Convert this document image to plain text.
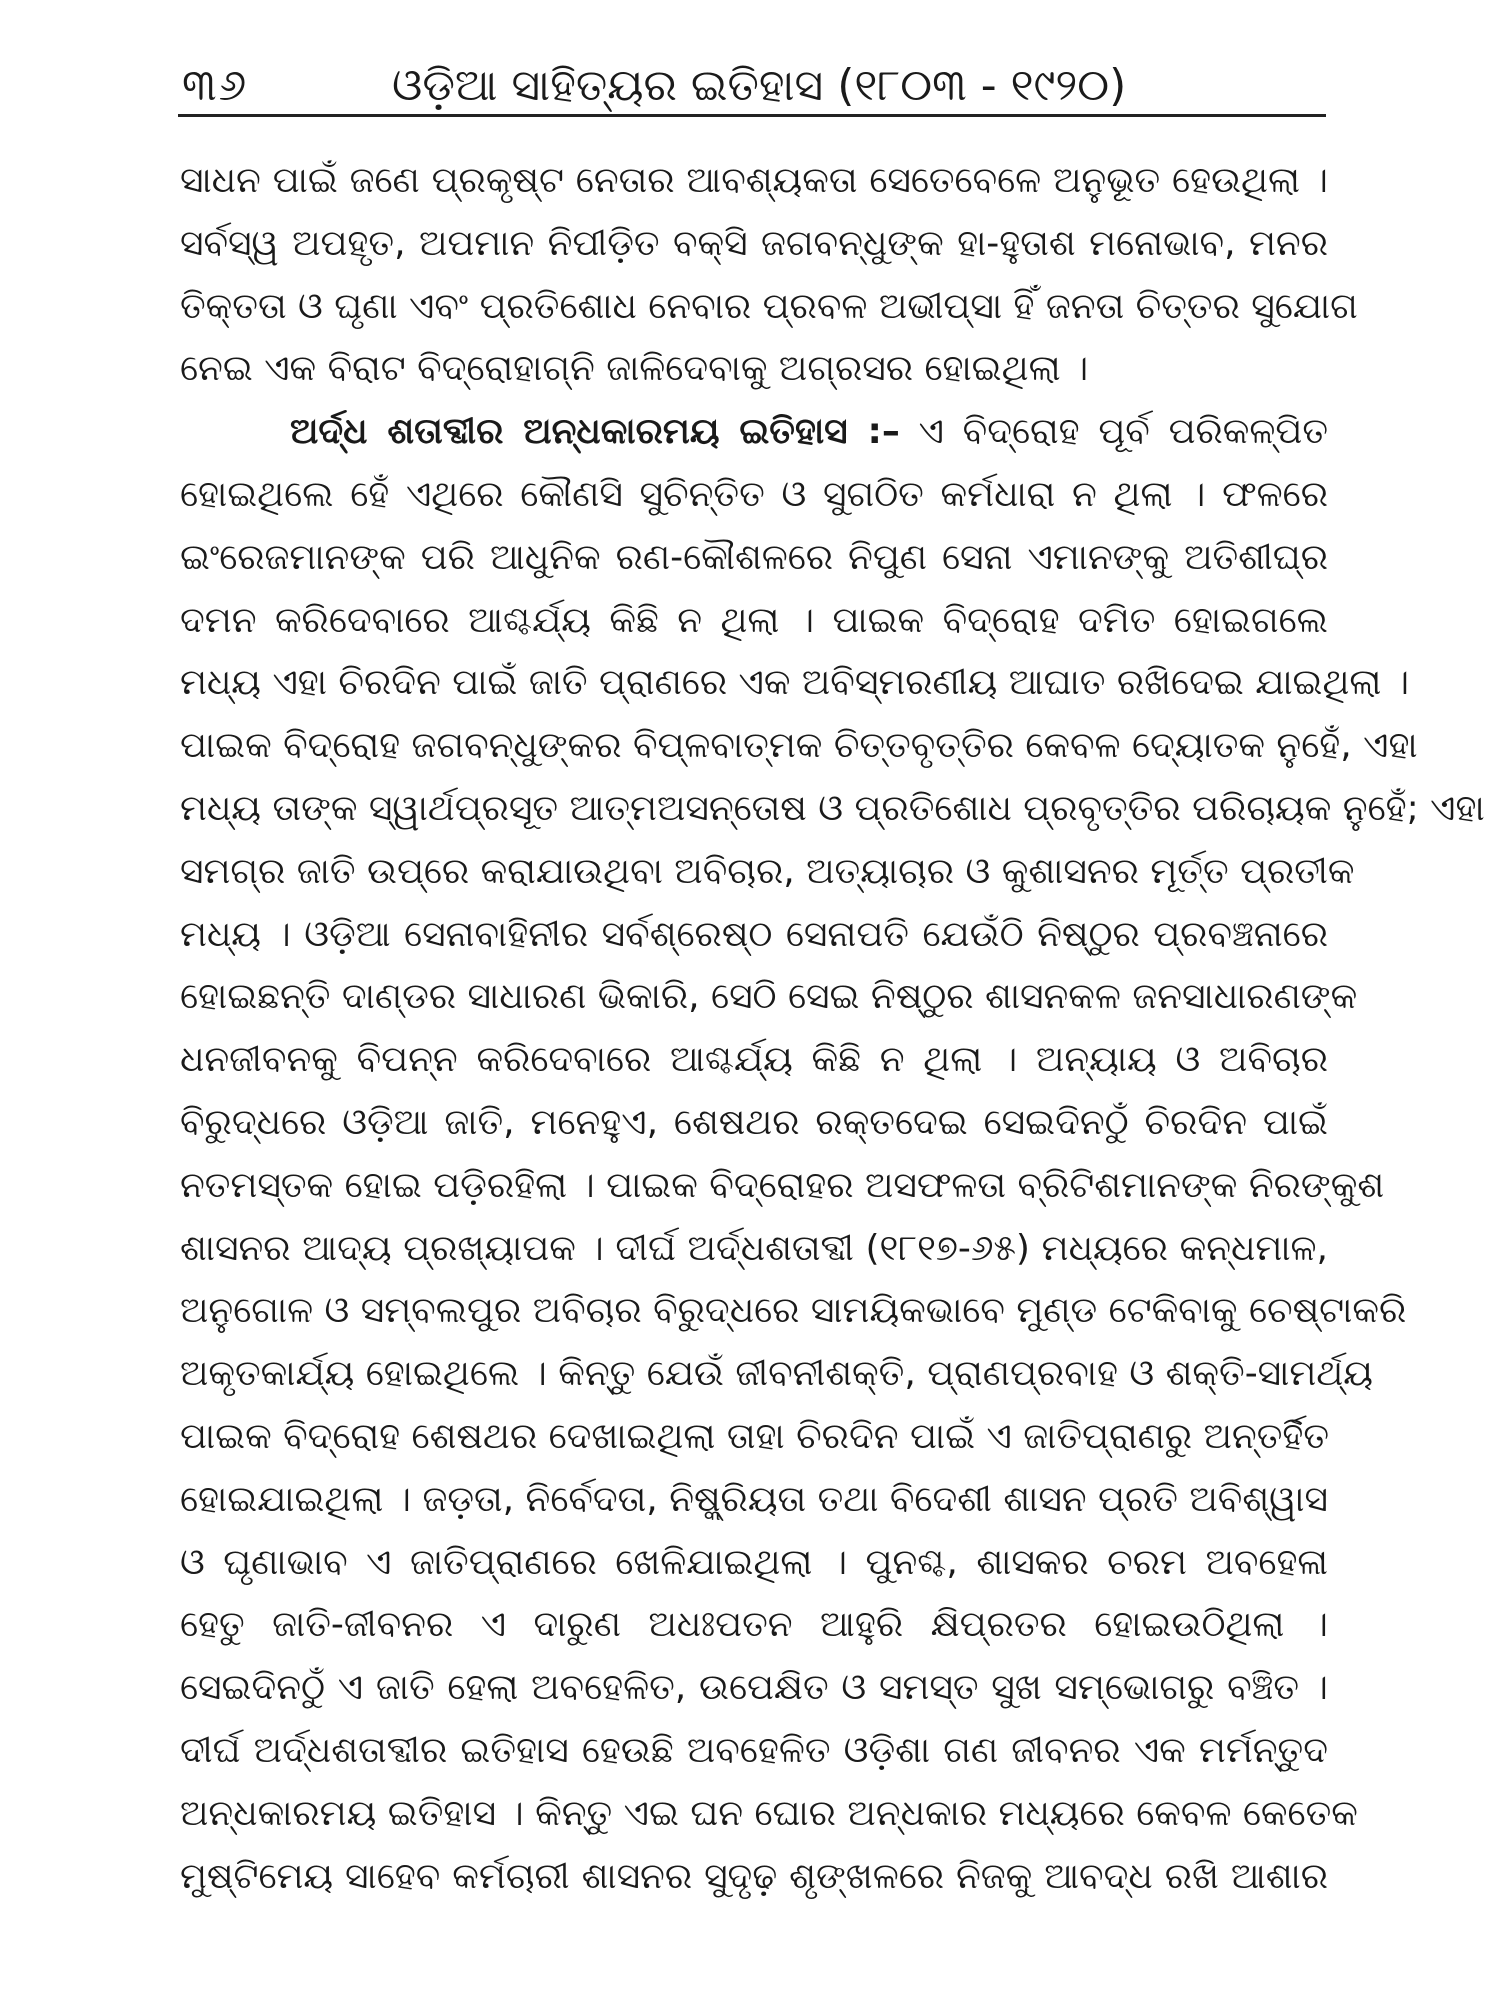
୩୬	ଓଡ଼ିଆ ସାହିତ୍ୟର ଇତିହାସ (୧୮୦୩ - ୧୯୨୦)
ସାଧନ ପାଇଁ ଜଣେ ପ୍ରକୃଷ୍ଟ ନେତାର ଆବଶ୍ୟକତା ସେତେବେଳେ ଅନୁଭୂତ ହେଉଥିଲା ।
ସର୍ବସ୍ୱ ଅପହୃତ, ଅପମାନ ନିପୀଡ଼ିତ ବକ୍‌ସି ଜଗବନ୍ଧୁଙ୍କ ହା-ହୁତାଶ ମନୋଭାବ, ମନର
ତିକ୍ତତା ଓ ଘୃଣା ଏବଂ ପ୍ରତିଶୋଧ ନେବାର ପ୍ରବଳ ଅଭୀପ୍‌ସା ହିଁ ଜନତା ଚିତ୍ତର ସୁଯୋଗ
ନେଇ ଏକ ବିରାଟ ବିଦ୍ରୋହାଗ୍ନି ଜାଳିଦେବାକୁ ଅଗ୍ରସର ହୋଇଥିଲା ।
ଅର୍ଦ୍ଧ ଶତାବ୍ଦୀର ଅନ୍ଧକାରମୟ ଇତିହାସ :– ଏ ବିଦ୍ରୋହ ପୂର୍ବ ପରିକଳ୍ପିତ
ହୋଇଥିଲେ ହେଁ ଏଥିରେ କୌଣସି ସୁଚିନ୍ତିତ ଓ ସୁଗଠିତ କର୍ମଧାରା ନ ଥିଲା । ଫଳରେ
ଇଂରେଜମାନଙ୍କ ପରି ଆଧୁନିକ ରଣ-କୌଶଳରେ ନିପୁଣ ସେନା ଏମାନଙ୍କୁ ଅତିଶୀଘ୍ର
ଦମନ କରିଦେବାରେ ଆଶ୍ଚର୍ଯ୍ୟ କିଛି ନ ଥିଲା । ପାଇକ ବିଦ୍ରୋହ ଦମିତ ହୋଇଗଲେ
ମଧ୍ୟ ଏହା ଚିରଦିନ ପାଇଁ ଜାତି ପ୍ରାଣରେ ଏକ ଅବିସ୍ମରଣୀୟ ଆଘାତ ରଖିଦେଇ ଯାଇଥିଲା ।
ପାଇକ ବିଦ୍ରୋହ ଜଗବନ୍ଧୁଙ୍କର ବିପ୍ଳବାତ୍ମକ ଚିତ୍ତବୃତ୍ତିର କେବଳ ଦ୍ୟୋତକ ନୁହେଁ, ଏହା
ମଧ୍ୟ ତାଙ୍କ ସ୍ୱାର୍ଥପ୍ରସୂତ ଆତ୍ମଅସନ୍ତୋଷ ଓ ପ୍ରତିଶୋଧ ପ୍ରବୃତ୍ତିର ପରିଚାୟକ ନୁହେଁ; ଏହା
ସମଗ୍ର ଜାତି ଉପ୍‌ରେ କରାଯାଉଥିବା ଅବିଚାର, ଅତ୍ୟାଚାର ଓ କୁଶାସନର ମୂର୍ତ୍ତ ପ୍ରତୀକ
ମଧ୍ୟ । ଓଡ଼ିଆ ସେନାବାହିନୀର ସର୍ବଶ୍ରେଷ୍ଠ ସେନାପତି ଯେଉଁଠି ନିଷ୍ଠୁର ପ୍ରବଞ୍ଚନାରେ
ହୋଇଛନ୍ତି ଦାଣ୍ଡର ସାଧାରଣ ଭିକାରି, ସେଠି ସେଇ ନିଷ୍ଠୁର ଶାସନକଳ ଜନସାଧାରଣଙ୍କ
ଧନଜୀବନକୁ ବିପନ୍ନ କରିଦେବାରେ ଆଶ୍ଚର୍ଯ୍ୟ କିଛି ନ ଥିଲା । ଅନ୍ୟାୟ ଓ ଅବିଚାର
ବିରୁଦ୍ଧରେ ଓଡ଼ିଆ ଜାତି, ମନେହୁଏ, ଶେଷଥର ରକ୍ତଦେଇ ସେଇଦିନଠୁଁ ଚିରଦିନ ପାଇଁ
ନତମସ୍ତକ ହୋଇ ପଡ଼ିରହିଲା । ପାଇକ ବିଦ୍ରୋହର ଅସଫଳତା ବ୍ରିଟିଶମାନଙ୍କ ନିରଙ୍କୁଶ
ଶାସନର ଆଦ୍ୟ ପ୍ରଖ୍ୟାପକ । ଦୀର୍ଘ ଅର୍ଦ୍ଧଶତାବ୍ଦୀ (୧୮୧୭-୬୫) ମଧ୍ୟରେ କନ୍ଧମାଳ,
ଅନୁଗୋଳ ଓ ସମ୍ବଲପୁର ଅବିଚାର ବିରୁଦ୍ଧରେ ସାମୟିକଭାବେ ମୁଣ୍ଡ ଟେକିବାକୁ ଚେଷ୍ଟାକରି
ଅକୃତକାର୍ଯ୍ୟ ହୋଇଥିଲେ । କିନ୍ତୁ ଯେଉଁ ଜୀବନୀଶକ୍ତି, ପ୍ରାଣପ୍ରବାହ ଓ ଶକ୍ତି-ସାମର୍ଥ୍ୟ
ପାଇକ ବିଦ୍ରୋହ ଶେଷଥର ଦେଖାଇଥିଲା ତାହା ଚିରଦିନ ପାଇଁ ଏ ଜାତିପ୍ରାଣରୁ ଅନ୍ତର୍ହିତ
ହୋଇଯାଇଥିଲା । ଜଡ଼ତା, ନିର୍ବେଦତା, ନିଷ୍କ୍ରିୟତା ତଥା ବିଦେଶୀ ଶାସନ ପ୍ରତି ଅବିଶ୍ୱାସ
ଓ ଘୃଣାଭାବ ଏ ଜାତିପ୍ରାଣରେ ଖେଳିଯାଇଥିଲା । ପୁନଶ୍ଚ, ଶାସକର ଚରମ ଅବହେଳା
ହେତୁ ଜାତି-ଜୀବନର ଏ ଦାରୁଣ ଅଧଃପତନ ଆହୁରି କ୍ଷିପ୍ରତର ହୋଇଉଠିଥିଲା ।
ସେଇଦିନଠୁଁ ଏ ଜାତି ହେଲା ଅବହେଳିତ, ଉପେକ୍ଷିତ ଓ ସମସ୍ତ ସୁଖ ସମ୍ଭୋଗରୁ ବଞ୍ଚିତ ।
ଦୀର୍ଘ ଅର୍ଦ୍ଧଶତାବ୍ଦୀର ଇତିହାସ ହେଉଛି ଅବହେଳିତ ଓଡ଼ିଶା ଗଣ ଜୀବନର ଏକ ମର୍ମନ୍ତୁଦ
ଅନ୍ଧକାରମୟ ଇତିହାସ । କିନ୍ତୁ ଏଇ ଘନ ଘୋର ଅନ୍ଧକାର ମଧ୍ୟରେ କେବଳ କେତେକ
ମୁଷ୍ଟିମେୟ ସାହେବ କର୍ମଚାରୀ ଶାସନର ସୁଦୃଢ଼ ଶୃଙ୍ଖଳରେ ନିଜକୁ ଆବଦ୍ଧ ରଖି ଆଶାର
